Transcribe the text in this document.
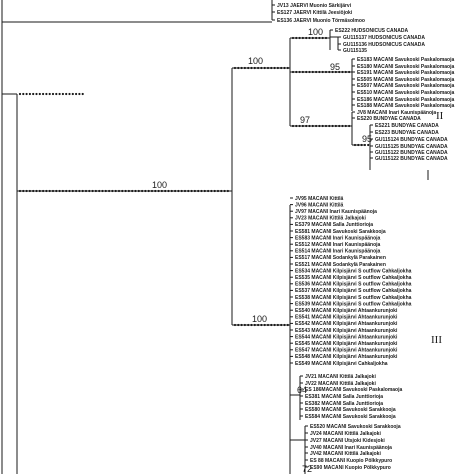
JV13 JAERVI Muonio Särkijärvi
ES127 JAERVI Kittilä Jeesiöjoki
ES136 JAERVI Muonio Törmäsolmoo
100
100
100 ES222 HUDSONICUS CANADA
GU115137 HUDSONICUS CANADA
GU115136 HUDSONICUS CANADA
GU115135
95
ES183 MACANI Savukoski Paskalomaoja
ES180 MACANI Savukoski Paskalomaoja
ES191 MACANI Savukoski Paskalomaoja
ES505 MACANI Savukoski Paskalomaoja
ES507 MACANI Savukoski Paskalomaoja
ES510 MACANI Savukoski Paskalomaoja
ES186 MACANI Savukoski Paskalomaoja
ES188 MACANI Savukoski Paskalomaoja
97
JV8 MACANI Inari Kaunispäänoja
ES220 BUNDYAE CANADA
95
ES221 BUNDYAE CANADA
ES223 BUNDYAE CANADA
GU115124 BUNDYAE CANADA
GU115125 BUNDYAE CANADA
GU115122 BUNDYAE CANADA
GU115122 BUNDYAE CANADA
100
JV95 MACANI Kittilä
JV96 MACANI Kittilä
JV97 MACANI Inari Kaunispäänoja
JV23 MACANI Kittilä Jalkajoki
ES379 MACANI Salla Junttiorioja
ES581 MACANI Savukoski Sarakkooja
ES583 MACANI Inari Kaunispäänoja
ES512 MACANI Inari Kaunispäänoja
ES514 MACANI Inari Kaunispäänoja
ES517 MACANI Sodankylä Parakainen
ES521 MACANI Sodankylä Parakainen
ES534 MACANI Kilpisjärvi S outflow Cahkaljokha
ES535 MACANI Kilpisjärvi S outflow Cahkaljokha
ES536 MACANI Kilpisjärvi S outflow Cahkaljokha
ES537 MACANI Kilpisjärvi S outflow Cahkaljokha
ES538 MACANI Kilpisjärvi S outflow Cahkaljokha
ES539 MACANI Kilpisjärvi S outflow Cahkaljokha
ES540 MACANI Kilpisjärvi Ahtaankurunjoki
ES541 MACANI Kilpisjärvi Ahtaankurunjoki
ES542 MACANI Kilpisjärvi Ahtaankurunjoki
ES543 MACANI Kilpisjärvi Ahtaankurunjoki
ES544 MACANI Kilpisjärvi Ahtaankurunjoki
ES545 MACANI Kilpisjärvi Ahtaankurunjoki
ES547 MACANI Kilpisjärvi Ahtaankurunjoki
ES548 MACANI Kilpisjärvi Ahtaankurunjoki
ES549 MACANI Kilpisjärvi Cahkaljokha
64
JV21 MACANI Kittilä Jalkajoki
JV22 MACANI Kittilä Jalkajoki
ES 186MACANI Savukoski Paskalomaoja
ES381 MACANI Salla Junttiorioja
ES382 MACANI Salla Junttiorioja
ES580 MACANI Savukoski Sarakkooja
ES584 MACANI Savukoski Sarakkooja
ES520 MACANI Savukoski Sarakkooja
JV24 MACANI Kittilä Jalkajoki
JV27 MACANI Utsjoki Kidesjoki
JV40 MACANI Inari Kaunispäänoja
JV42 MACANI Kittilä Jalkajoki
ES 88 MACANI Kuopio Pölkkypuro
ES90 MACANI Kuopio Pölkkypuro
72
II
III
